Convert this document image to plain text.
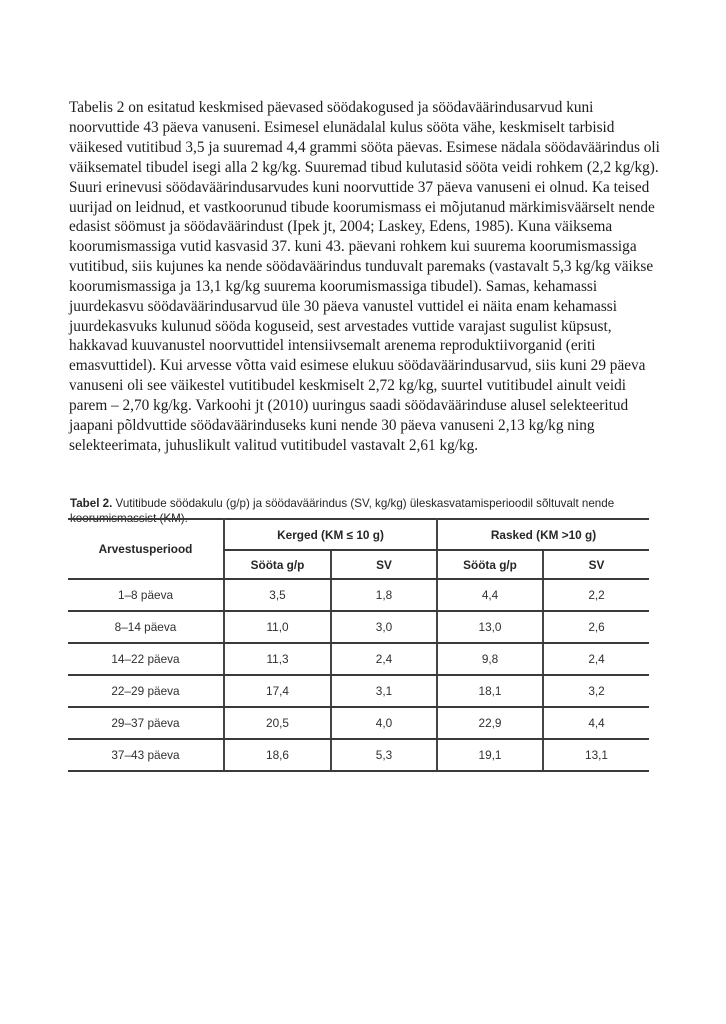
Tabelis 2 on esitatud keskmised päevased söödakogused ja söödaväärindusarvud kuni noorvuttide 43 päeva vanuseni. Esimesel elunädalal kulus sööta vähe, keskmiselt tarbisid väikesed vutitibud 3,5 ja suuremad 4,4 grammi sööta päevas. Esimese nädala söödaväärindus oli väiksematel tibudel isegi alla 2 kg/kg. Suuremad tibud kulutasid sööta veidi rohkem (2,2 kg/kg). Suuri erinevusi söödaväärindusarvudes kuni noorvuttide 37 päeva vanuseni ei olnud. Ka teised uurijad on leidnud, et vastkoorunud tibude koorumismass ei mõjutanud märkimisväärselt nende edasist söömust ja söödaväärindust (Ipek jt, 2004; Laskey, Edens, 1985). Kuna väiksema koorumismassiga vutid kasvasid 37. kuni 43. päevani rohkem kui suurema koorumismassiga vutitibud, siis kujunes ka nende söödaväärindus tunduvalt paremaks (vastavalt 5,3 kg/kg väikse koorumismassiga ja 13,1 kg/kg suurema koorumismassiga tibudel). Samas, kehamassi juurdekasvu söödaväärindusarvud üle 30 päeva vanustel vuttidel ei näita enam kehamassi juurdekasvuks kulunud sööda koguseid, sest arvestades vuttide varajast sugulist küpsust, hakkavad kuuvanustel noorvuttidel intensiivsemalt arenema reproduktiivorganid (eriti emasvuttidel). Kui arvesse võtta vaid esimese elukuu söödaväärindusarvud, siis kuni 29 päeva vanuseni oli see väikestel vutitibudel keskmiselt 2,72 kg/kg, suurtel vutitibudel ainult veidi parem – 2,70 kg/kg. Varkoohi jt (2010) uuringus saadi söödaväärinduse alusel selekteeritud jaapani põldvuttide söödaväärinduseks kuni nende 30 päeva vanuseni 2,13 kg/kg ning selekteerimata, juhuslikult valitud vutitibudel vastavalt 2,61 kg/kg.

Tabel 2. Vutitibude söödakulu (g/p) ja söödaväärindus (SV, kg/kg) üleskasvatamisperioodil sõltuvalt nende koorumismassist (KM).

Arvestusperiood	Kerged (KM ≤ 10 g)		Rasked (KM >10 g)	
	Sööta g/p	SV	Sööta g/p	SV
1–8 päeva	3,5	1,8	4,4	2,2
8–14 päeva	11,0	3,0	13,0	2,6
14–22 päeva	11,3	2,4	9,8	2,4
22–29 päeva	17,4	3,1	18,1	3,2
29–37 päeva	20,5	4,0	22,9	4,4
37–43 päeva	18,6	5,3	19,1	13,1
